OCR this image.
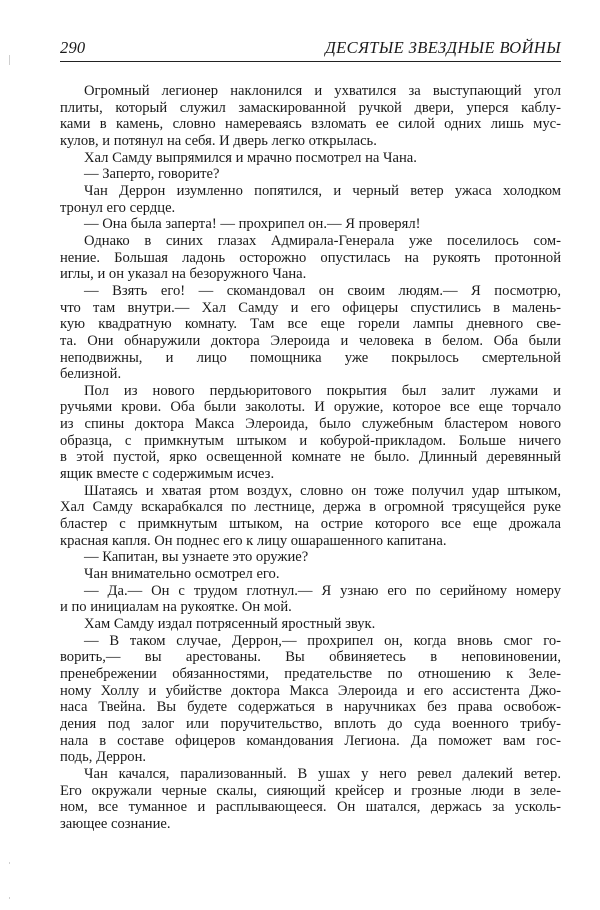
290	ДЕСЯТЫЕ ЗВЕЗДНЫЕ ВОЙНЫ

Огромный легионер наклонился и ухватился за выступающий угол
плиты, который служил замаскированной ручкой двери, уперся каблу-
ками в камень, словно намереваясь взломать ее силой одних лишь мус-
кулов, и потянул на себя. И дверь легко открылась.

Хал Самду выпрямился и мрачно посмотрел на Чана.

— Заперто, говорите?

Чан Деррон изумленно попятился, и черный ветер ужаса холодком
тронул его сердце.

— Она была заперта! — прохрипел он.— Я проверял!

Однако в синих глазах Адмирала-Генерала уже поселилось сом-
нение. Большая ладонь осторожно опустилась на рукоять протонной
иглы, и он указал на безоружного Чана.

— Взять его! — скомандовал он своим людям.— Я посмотрю,
что там внутри.— Хал Самду и его офицеры спустились в малень-
кую квадратную комнату. Там все еще горели лампы дневного све-
та. Они обнаружили доктора Элероида и человека в белом. Оба были
неподвижны, и лицо помощника уже покрылось смертельной
белизной.

Пол из нового пердьюритового покрытия был залит лужами и
ручьями крови. Оба были заколоты. И оружие, которое все еще торчало
из спины доктора Макса Элероида, было служебным бластером нового
образца, с примкнутым штыком и кобурой-прикладом. Больше ничего
в этой пустой, ярко освещенной комнате не было. Длинный деревянный
ящик вместе с содержимым исчез.

Шатаясь и хватая ртом воздух, словно он тоже получил удар штыком,
Хал Самду вскарабкался по лестнице, держа в огромной трясущейся руке
бластер с примкнутым штыком, на острие которого все еще дрожала
красная капля. Он поднес его к лицу ошарашенного капитана.

— Капитан, вы узнаете это оружие?

Чан внимательно осмотрел его.

— Да.— Он с трудом глотнул.— Я узнаю его по серийному номеру
и по инициалам на рукоятке. Он мой.

Хам Самду издал потрясенный яростный звук.

— В таком случае, Деррон,— прохрипел он, когда вновь смог го-
ворить,— вы арестованы. Вы обвиняетесь в неповиновении,
пренебрежении обязанностями, предательстве по отношению к Зеле-
ному Холлу и убийстве доктора Макса Элероида и его ассистента Джо-
наса Твейна. Вы будете содержаться в наручниках без права освобож-
дения под залог или поручительство, вплоть до суда военного трибу-
нала в составе офицеров командования Легиона. Да поможет вам гос-
подь, Деррон.

Чан качался, парализованный. В ушах у него ревел далекий ветер.
Его окружали черные скалы, сияющий крейсер и грозные люди в зеле-
ном, все туманное и расплывающееся. Он шатался, держась за усколь-
зающее сознание.
